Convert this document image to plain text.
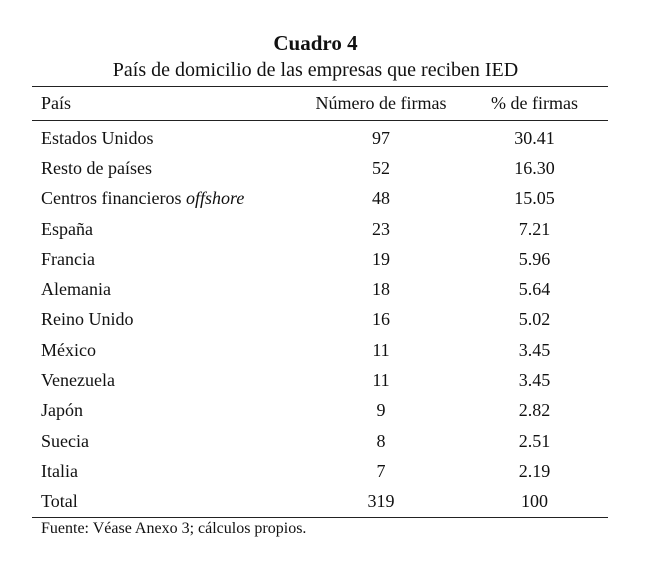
Cuadro 4
País de domicilio de las empresas que reciben IED
País	Número de firmas	% de firmas
Estados Unidos	97	30.41
Resto de países	52	16.30
Centros financieros offshore	48	15.05
España	23	7.21
Francia	19	5.96
Alemania	18	5.64
Reino Unido	16	5.02
México	11	3.45
Venezuela	11	3.45
Japón	9	2.82
Suecia	8	2.51
Italia	7	2.19
Total	319	100
Fuente: Véase Anexo 3; cálculos propios.
